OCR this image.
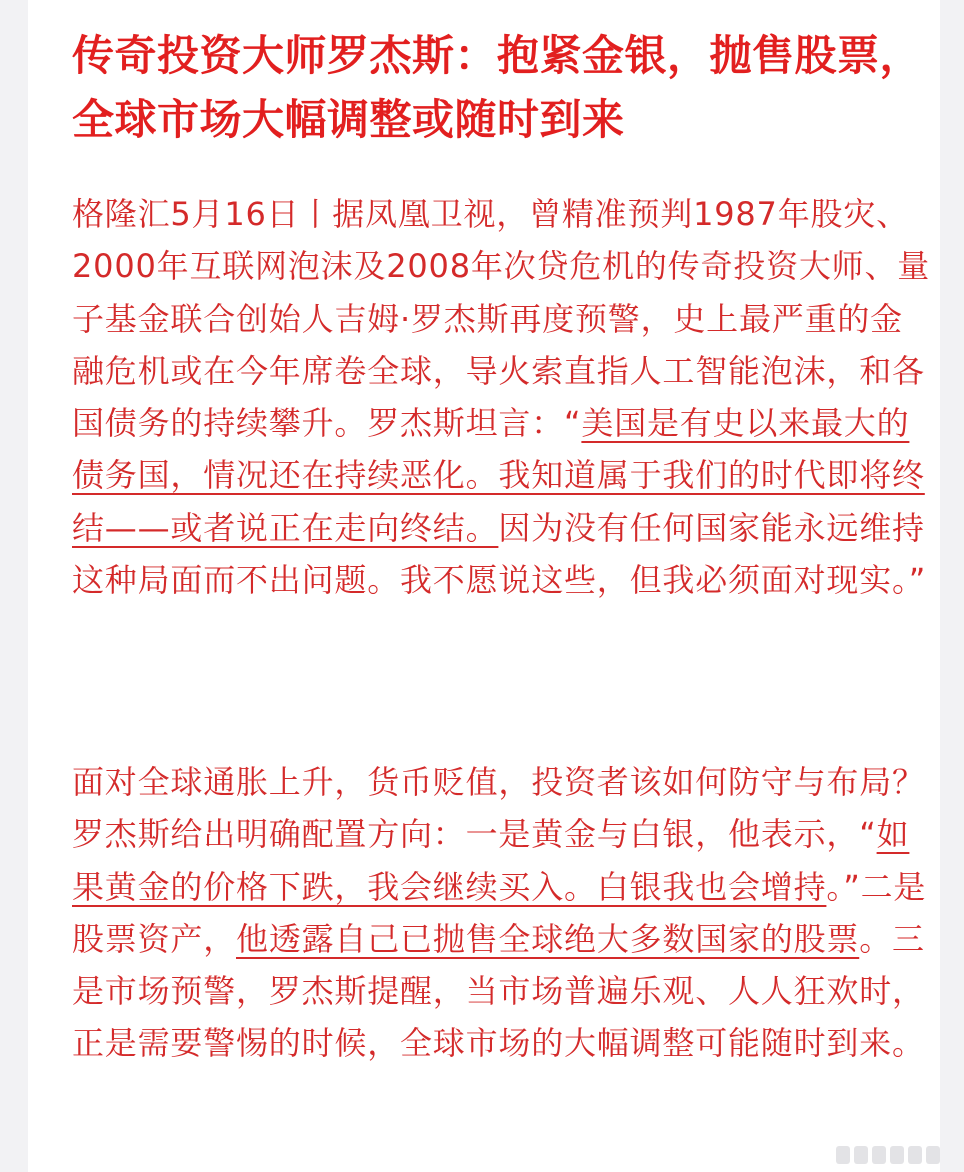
传奇投资大师罗杰斯：抱紧金银，抛售股票，全球市场大幅调整或随时到来

格隆汇5月16日丨据凤凰卫视，曾精准预判1987年股灾、2000年互联网泡沫及2008年次贷危机的传奇投资大师、量子基金联合创始人吉姆·罗杰斯再度预警，史上最严重的金融危机或在今年席卷全球，导火索直指人工智能泡沫，和各国债务的持续攀升。罗杰斯坦言：“美国是有史以来最大的债务国，情况还在持续恶化。我知道属于我们的时代即将终结——或者说正在走向终结。因为没有任何国家能永远维持这种局面而不出问题。我不愿说这些，但我必须面对现实。”

面对全球通胀上升，货币贬值，投资者该如何防守与布局？罗杰斯给出明确配置方向：一是黄金与白银，他表示，“如果黄金的价格下跌，我会继续买入。白银我也会增持。”二是股票资产，他透露自己已抛售全球绝大多数国家的股票。三是市场预警，罗杰斯提醒，当市场普遍乐观、人人狂欢时，正是需要警惕的时候，全球市场的大幅调整可能随时到来。
